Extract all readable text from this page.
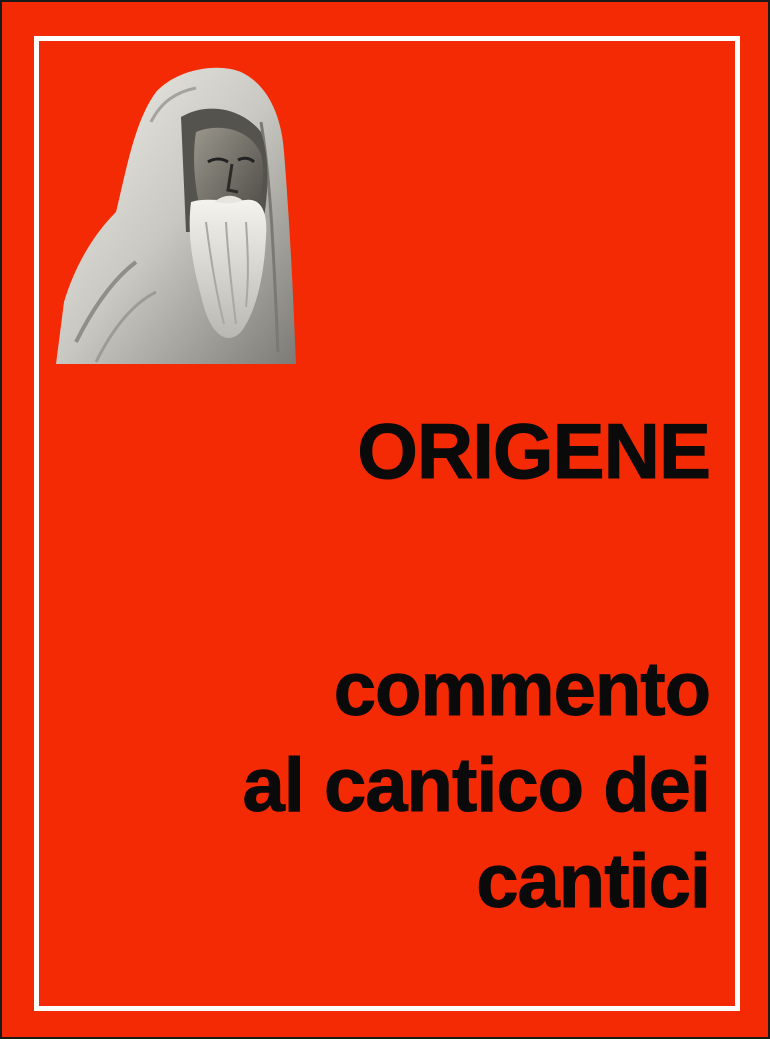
ORIGENE
commento
al cantico dei
cantici
